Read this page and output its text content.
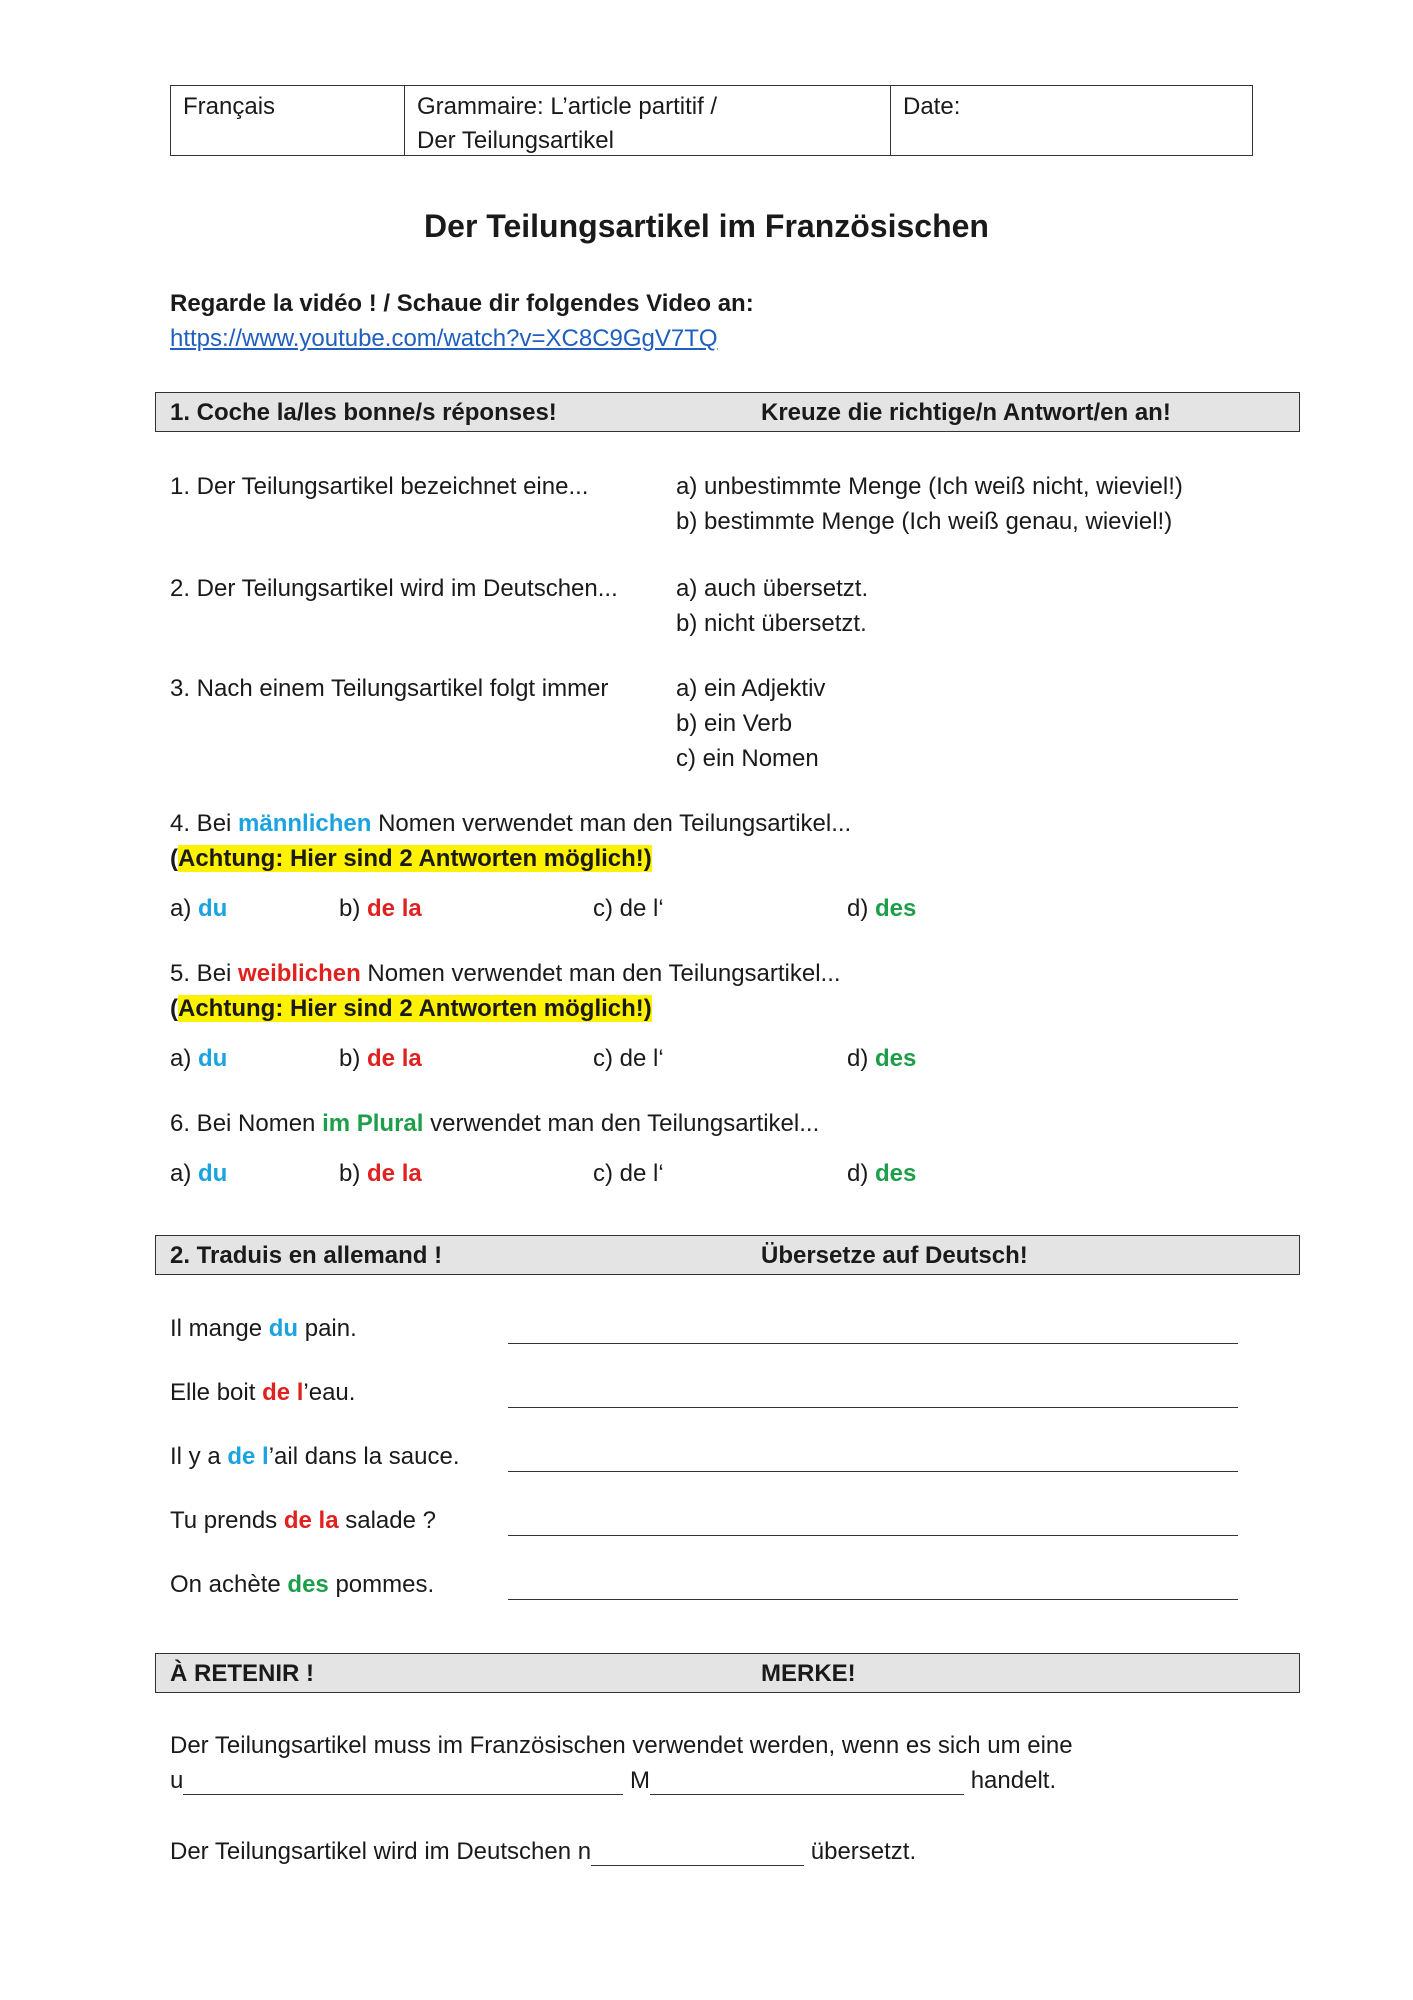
Français	Grammaire: L’article partitif /
Der Teilungsartikel
Date:
Der Teilungsartikel im Französischen
Regarde la vidéo ! / Schaue dir folgendes Video an:
https://www.youtube.com/watch?v=XC8C9GgV7TQ
1. Coche la/les bonne/s réponses!	Kreuze die richtige/n Antwort/en an!
1. Der Teilungsartikel bezeichnet eine...	a) unbestimmte Menge (Ich weiß nicht, wieviel!)
b) bestimmte Menge (Ich weiß genau, wieviel!)
2. Der Teilungsartikel wird im Deutschen... a) auch übersetzt.
b) nicht übersetzt.
3. Nach einem Teilungsartikel folgt immer	a) ein Adjektiv
b) ein Verb
c) ein Nomen
4. Bei männlichen Nomen verwendet man den Teilungsartikel...
(Achtung: Hier sind 2 Antworten möglich!)
a) du	b) de la	c) de l‘	d) des
5. Bei weiblichen Nomen verwendet man den Teilungsartikel...
(Achtung: Hier sind 2 Antworten möglich!)
a) du	b) de la	c) de l‘	d) des
6. Bei Nomen im Plural verwendet man den Teilungsartikel...
a) du	b) de la	c) de l‘	d) des
2. Traduis en allemand !	Übersetze auf Deutsch!
Il mange du pain.
Elle boit de l’eau.
Il y a de l’ail dans la sauce.
Tu prends de la salade ?
On achète des pommes.
À RETENIR !	MERKE!
Der Teilungsartikel muss im Französischen verwendet werden, wenn es sich um eine
u	M	handelt.
Der Teilungsartikel wird im Deutschen n	übersetzt.
